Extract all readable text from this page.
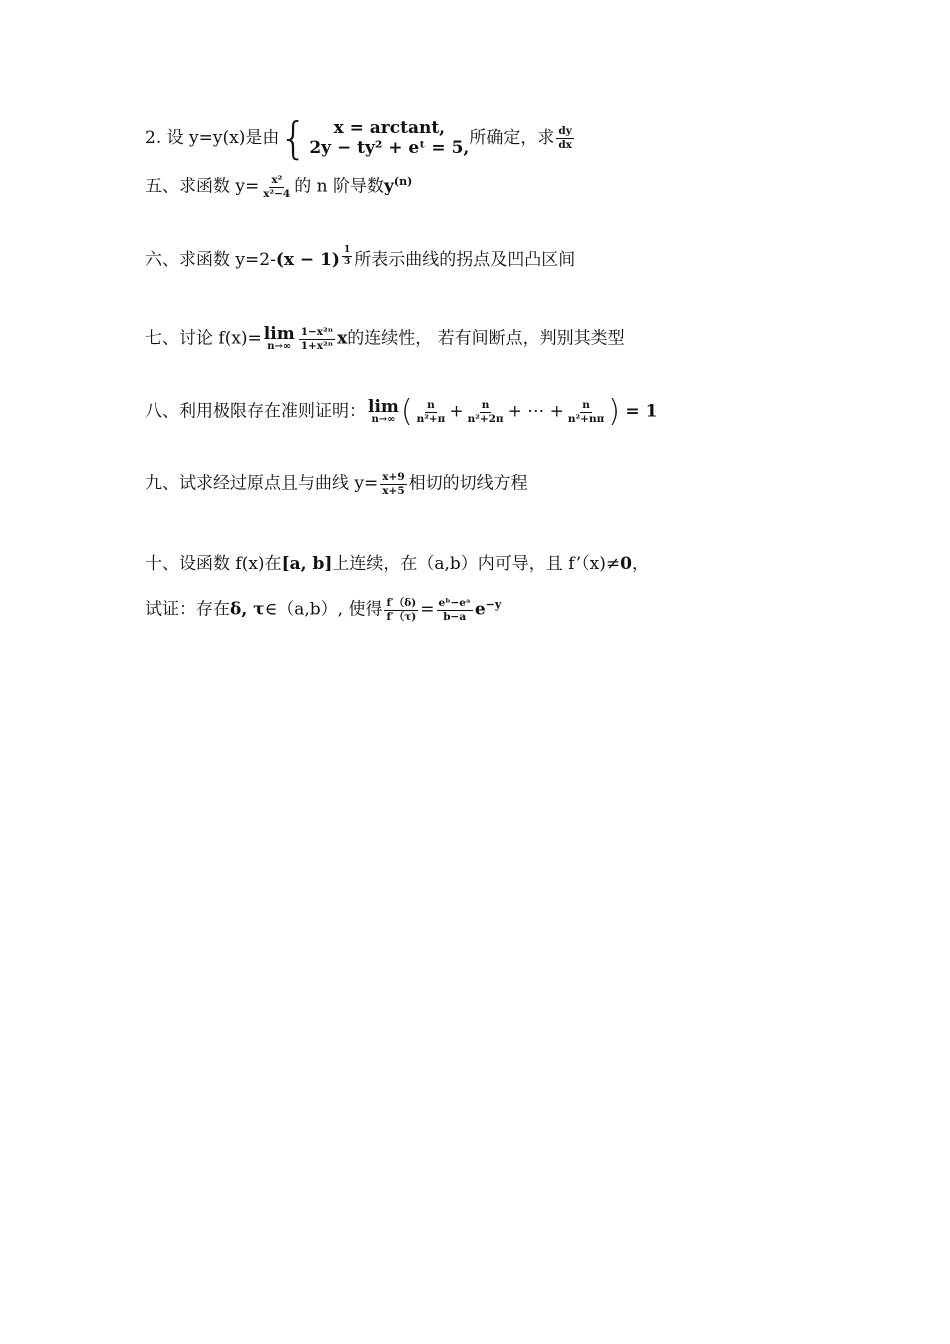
2. 设 y=y(x)是由 { x = arctant,
2y − ty² + eᵗ = 5,
所确定，求 $\frac{dy}{dx}$
五、求函数 $y= \frac{\text{x²}}{\text{x²−4}}$ 的 n 阶导数$y^{(n)}$
六、求函数 $y=2-(x - 1) \frac{1}{3}$ 所表示曲线的拐点及凹凸区间
七、讨论 f(x)= lim
$n\to\infty \frac{\text{1−x²ⁿ}}{\text{1+x²ⁿ}}$ x的连续性， 若有间断点，判别其类型
八、利用极限存在准则证明： lim
n→∞ ( $\frac{n}{\text{n²+π}} + \frac{n}{\text{n²+2π}}$ + ⋯ + $\frac{n}{\text{n²+nπ}}$ ) = 1
九、试求经过原点且与曲线 $y= \frac{x+9}{x+5}$ 相切的切线方程
十、设函数 f(x)在[a, b]上连续，在（a,b）内可导，且 f’（x)≠0，
试证：存在δ, τ∈（a,b）, 使得 $\frac{f'(\delta)}{f'(\tau)} = \frac{\text{eᵇ−eᵃ}}{b-a} e^{-y}$
